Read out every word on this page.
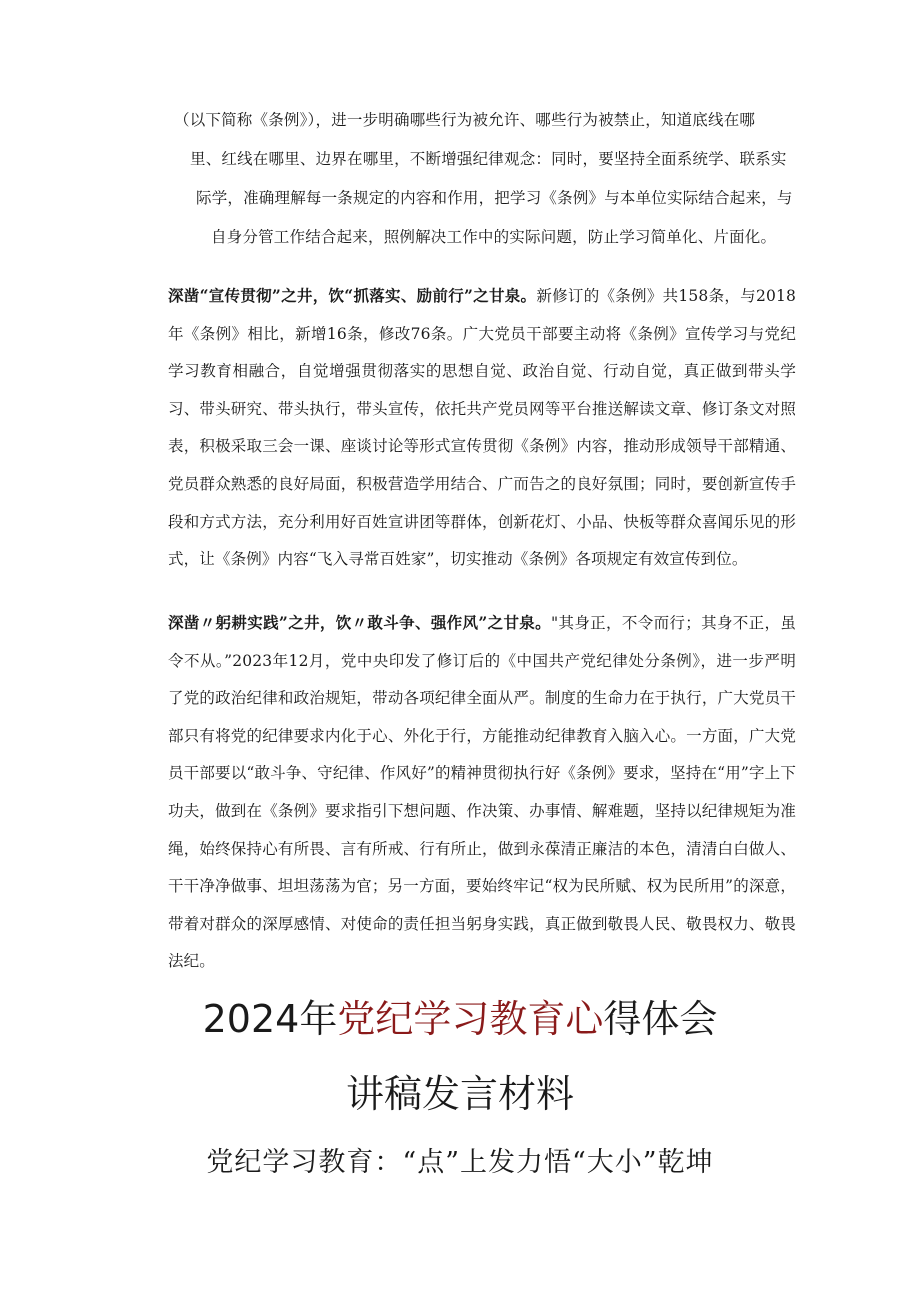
（以下简称《条例》），进一步明确哪些行为被允许、哪些行为被禁止，知道底线在哪
里、红线在哪里、边界在哪里，不断增强纪律观念：同时，要坚持全面系统学、联系实
际学，准确理解每一条规定的内容和作用，把学习《条例》与本单位实际结合起来，与
自身分管工作结合起来，照例解决工作中的实际问题，防止学习简单化、片面化。
深凿“宣传贯彻”之井，饮“抓落实、励前行”之甘泉。新修订的《条例》共158条，与2018年《条例》相比，新增16条，修改76条。广大党员干部要主动将《条例》宣传学习与党纪学习教育相融合，自觉增强贯彻落实的思想自觉、政治自觉、行动自觉，真正做到带头学习、带头研究、带头执行，带头宣传，依托共产党员网等平台推送解读文章、修订条文对照表，积极采取三会一课、座谈讨论等形式宣传贯彻《条例》内容，推动形成领导干部精通、党员群众熟悉的良好局面，积极营造学用结合、广而告之的良好氛围；同时，要创新宣传手段和方式方法，充分利用好百姓宣讲团等群体，创新花灯、小品、快板等群众喜闻乐见的形式，让《条例》内容“飞入寻常百姓家”，切实推动《条例》各项规定有效宣传到位。
深凿〃躬耕实践”之井，饮〃敢斗争、强作风”之甘泉。"其身正，不令而行；其身不正，虽令不从。”2023年12月，党中央印发了修订后的《中国共产党纪律处分条例》，进一步严明了党的政治纪律和政治规矩，带动各项纪律全面从严。制度的生命力在于执行，广大党员干部只有将党的纪律要求内化于心、外化于行，方能推动纪律教育入脑入心。一方面，广大党员干部要以“敢斗争、守纪律、作风好”的精神贯彻执行好《条例》要求，坚持在“用”字上下功夫，做到在《条例》要求指引下想问题、作决策、办事情、解难题，坚持以纪律规矩为准绳，始终保持心有所畏、言有所戒、行有所止，做到永葆清正廉洁的本色，清清白白做人、干干净净做事、坦坦荡荡为官；另一方面，要始终牢记“权为民所赋、权为民所用”的深意，带着对群众的深厚感情、对使命的责任担当躬身实践，真正做到敬畏人民、敬畏权力、敬畏法纪。
2024年党纪学习教育心得体会
讲稿发言材料
党纪学习教育：“点”上发力悟“大小”乾坤
